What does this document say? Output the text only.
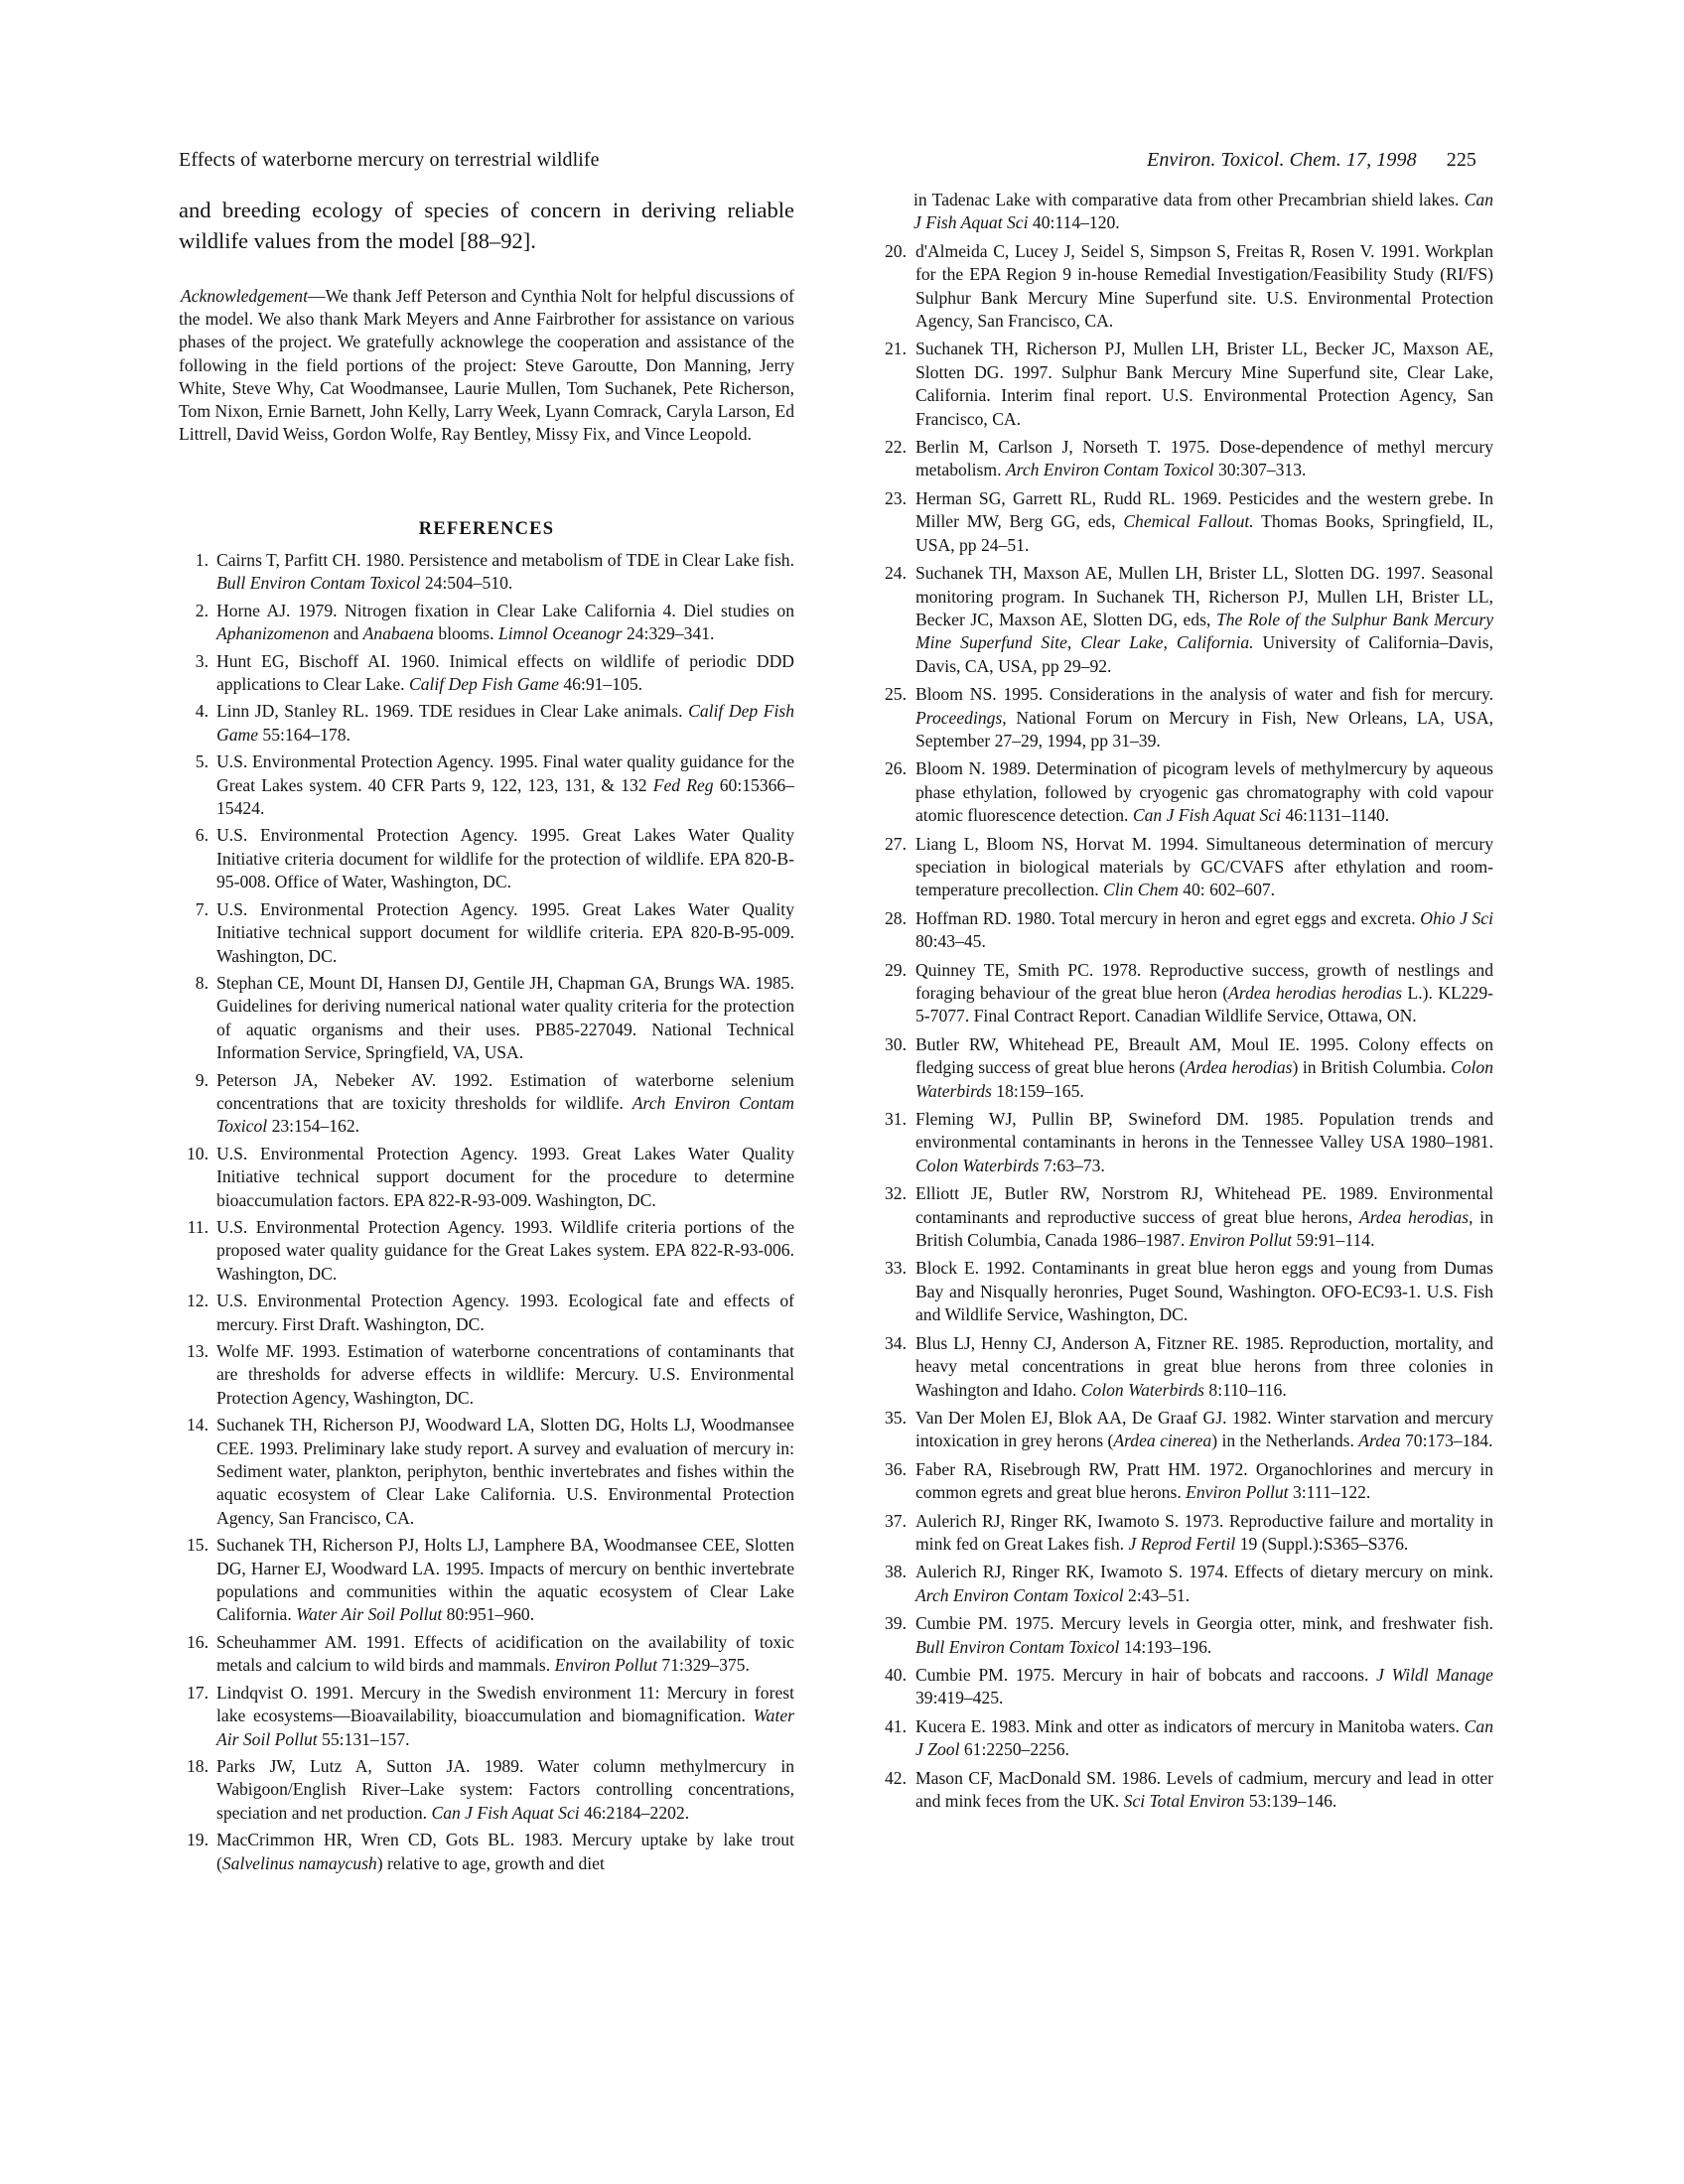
Effects of waterborne mercury on terrestrial wildlife	Environ. Toxicol. Chem. 17, 1998 225

and breeding ecology of species of concern in deriving reliable wildlife values from the model [88–92].

Acknowledgement—We thank Jeff Peterson and Cynthia Nolt for helpful discussions of the model. We also thank Mark Meyers and Anne Fairbrother for assistance on various phases of the project. We gratefully acknowlege the cooperation and assistance of the following in the field portions of the project: Steve Garoutte, Don Manning, Jerry White, Steve Why, Cat Woodmansee, Laurie Mullen, Tom Suchanek, Pete Richerson, Tom Nixon, Ernie Barnett, John Kelly, Larry Week, Lyann Comrack, Caryla Larson, Ed Littrell, David Weiss, Gordon Wolfe, Ray Bentley, Missy Fix, and Vince Leopold.

REFERENCES

1. Cairns T, Parfitt CH. 1980. Persistence and metabolism of TDE in Clear Lake fish. Bull Environ Contam Toxicol 24:504–510.
2. Horne AJ. 1979. Nitrogen fixation in Clear Lake California 4. Diel studies on Aphanizomenon and Anabaena blooms. Limnol Oceanogr 24:329–341.
3. Hunt EG, Bischoff AI. 1960. Inimical effects on wildlife of periodic DDD applications to Clear Lake. Calif Dep Fish Game 46:91–105.
4. Linn JD, Stanley RL. 1969. TDE residues in Clear Lake animals. Calif Dep Fish Game 55:164–178.
5. U.S. Environmental Protection Agency. 1995. Final water quality guidance for the Great Lakes system. 40 CFR Parts 9, 122, 123, 131, & 132 Fed Reg 60:15366–15424.
6. U.S. Environmental Protection Agency. 1995. Great Lakes Water Quality Initiative criteria document for wildlife for the protection of wildlife. EPA 820-B-95-008. Office of Water, Washington, DC.
7. U.S. Environmental Protection Agency. 1995. Great Lakes Water Quality Initiative technical support document for wildlife criteria. EPA 820-B-95-009. Washington, DC.
8. Stephan CE, Mount DI, Hansen DJ, Gentile JH, Chapman GA, Brungs WA. 1985. Guidelines for deriving numerical national water quality criteria for the protection of aquatic organisms and their uses. PB85-227049. National Technical Information Service, Springfield, VA, USA.
9. Peterson JA, Nebeker AV. 1992. Estimation of waterborne selenium concentrations that are toxicity thresholds for wildlife. Arch Environ Contam Toxicol 23:154–162.
10. U.S. Environmental Protection Agency. 1993. Great Lakes Water Quality Initiative technical support document for the procedure to determine bioaccumulation factors. EPA 822-R-93-009. Washington, DC.
11. U.S. Environmental Protection Agency. 1993. Wildlife criteria portions of the proposed water quality guidance for the Great Lakes system. EPA 822-R-93-006. Washington, DC.
12. U.S. Environmental Protection Agency. 1993. Ecological fate and effects of mercury. First Draft. Washington, DC.
13. Wolfe MF. 1993. Estimation of waterborne concentrations of contaminants that are thresholds for adverse effects in wildlife: Mercury. U.S. Environmental Protection Agency, Washington, DC.
14. Suchanek TH, Richerson PJ, Woodward LA, Slotten DG, Holts LJ, Woodmansee CEE. 1993. Preliminary lake study report. A survey and evaluation of mercury in: Sediment water, plankton, periphyton, benthic invertebrates and fishes within the aquatic ecosystem of Clear Lake California. U.S. Environmental Protection Agency, San Francisco, CA.
15. Suchanek TH, Richerson PJ, Holts LJ, Lamphere BA, Woodmansee CEE, Slotten DG, Harner EJ, Woodward LA. 1995. Impacts of mercury on benthic invertebrate populations and communities within the aquatic ecosystem of Clear Lake California. Water Air Soil Pollut 80:951–960.
16. Scheuhammer AM. 1991. Effects of acidification on the availability of toxic metals and calcium to wild birds and mammals. Environ Pollut 71:329–375.
17. Lindqvist O. 1991. Mercury in the Swedish environment 11: Mercury in forest lake ecosystems—Bioavailability, bioaccumulation and biomagnification. Water Air Soil Pollut 55:131–157.
18. Parks JW, Lutz A, Sutton JA. 1989. Water column methylmercury in Wabigoon/English River–Lake system: Factors controlling concentrations, speciation and net production. Can J Fish Aquat Sci 46:2184–2202.
19. MacCrimmon HR, Wren CD, Gots BL. 1983. Mercury uptake by lake trout (Salvelinus namaycush) relative to age, growth and diet
in Tadenac Lake with comparative data from other Precambrian shield lakes. Can J Fish Aquat Sci 40:114–120.
20. d'Almeida C, Lucey J, Seidel S, Simpson S, Freitas R, Rosen V. 1991. Workplan for the EPA Region 9 in-house Remedial Investigation/Feasibility Study (RI/FS) Sulphur Bank Mercury Mine Superfund site. U.S. Environmental Protection Agency, San Francisco, CA.
21. Suchanek TH, Richerson PJ, Mullen LH, Brister LL, Becker JC, Maxson AE, Slotten DG. 1997. Sulphur Bank Mercury Mine Superfund site, Clear Lake, California. Interim final report. U.S. Environmental Protection Agency, San Francisco, CA.
22. Berlin M, Carlson J, Norseth T. 1975. Dose-dependence of methyl mercury metabolism. Arch Environ Contam Toxicol 30:307–313.
23. Herman SG, Garrett RL, Rudd RL. 1969. Pesticides and the western grebe. In Miller MW, Berg GG, eds, Chemical Fallout. Thomas Books, Springfield, IL, USA, pp 24–51.
24. Suchanek TH, Maxson AE, Mullen LH, Brister LL, Slotten DG. 1997. Seasonal monitoring program. In Suchanek TH, Richerson PJ, Mullen LH, Brister LL, Becker JC, Maxson AE, Slotten DG, eds, The Role of the Sulphur Bank Mercury Mine Superfund Site, Clear Lake, California. University of California–Davis, Davis, CA, USA, pp 29–92.
25. Bloom NS. 1995. Considerations in the analysis of water and fish for mercury. Proceedings, National Forum on Mercury in Fish, New Orleans, LA, USA, September 27–29, 1994, pp 31–39.
26. Bloom N. 1989. Determination of picogram levels of methylmercury by aqueous phase ethylation, followed by cryogenic gas chromatography with cold vapour atomic fluorescence detection. Can J Fish Aquat Sci 46:1131–1140.
27. Liang L, Bloom NS, Horvat M. 1994. Simultaneous determination of mercury speciation in biological materials by GC/CVAFS after ethylation and room-temperature precollection. Clin Chem 40: 602–607.
28. Hoffman RD. 1980. Total mercury in heron and egret eggs and excreta. Ohio J Sci 80:43–45.
29. Quinney TE, Smith PC. 1978. Reproductive success, growth of nestlings and foraging behaviour of the great blue heron (Ardea herodias herodias L.). KL229-5-7077. Final Contract Report. Canadian Wildlife Service, Ottawa, ON.
30. Butler RW, Whitehead PE, Breault AM, Moul IE. 1995. Colony effects on fledging success of great blue herons (Ardea herodias) in British Columbia. Colon Waterbirds 18:159–165.
31. Fleming WJ, Pullin BP, Swineford DM. 1985. Population trends and environmental contaminants in herons in the Tennessee Valley USA 1980–1981. Colon Waterbirds 7:63–73.
32. Elliott JE, Butler RW, Norstrom RJ, Whitehead PE. 1989. Environmental contaminants and reproductive success of great blue herons, Ardea herodias, in British Columbia, Canada 1986–1987. Environ Pollut 59:91–114.
33. Block E. 1992. Contaminants in great blue heron eggs and young from Dumas Bay and Nisqually heronries, Puget Sound, Washington. OFO-EC93-1. U.S. Fish and Wildlife Service, Washington, DC.
34. Blus LJ, Henny CJ, Anderson A, Fitzner RE. 1985. Reproduction, mortality, and heavy metal concentrations in great blue herons from three colonies in Washington and Idaho. Colon Waterbirds 8:110–116.
35. Van Der Molen EJ, Blok AA, De Graaf GJ. 1982. Winter starvation and mercury intoxication in grey herons (Ardea cinerea) in the Netherlands. Ardea 70:173–184.
36. Faber RA, Risebrough RW, Pratt HM. 1972. Organochlorines and mercury in common egrets and great blue herons. Environ Pollut 3:111–122.
37. Aulerich RJ, Ringer RK, Iwamoto S. 1973. Reproductive failure and mortality in mink fed on Great Lakes fish. J Reprod Fertil 19 (Suppl.):S365–S376.
38. Aulerich RJ, Ringer RK, Iwamoto S. 1974. Effects of dietary mercury on mink. Arch Environ Contam Toxicol 2:43–51.
39. Cumbie PM. 1975. Mercury levels in Georgia otter, mink, and freshwater fish. Bull Environ Contam Toxicol 14:193–196.
40. Cumbie PM. 1975. Mercury in hair of bobcats and raccoons. J Wildl Manage 39:419–425.
41. Kucera E. 1983. Mink and otter as indicators of mercury in Manitoba waters. Can J Zool 61:2250–2256.
42. Mason CF, MacDonald SM. 1986. Levels of cadmium, mercury and lead in otter and mink feces from the UK. Sci Total Environ 53:139–146.
